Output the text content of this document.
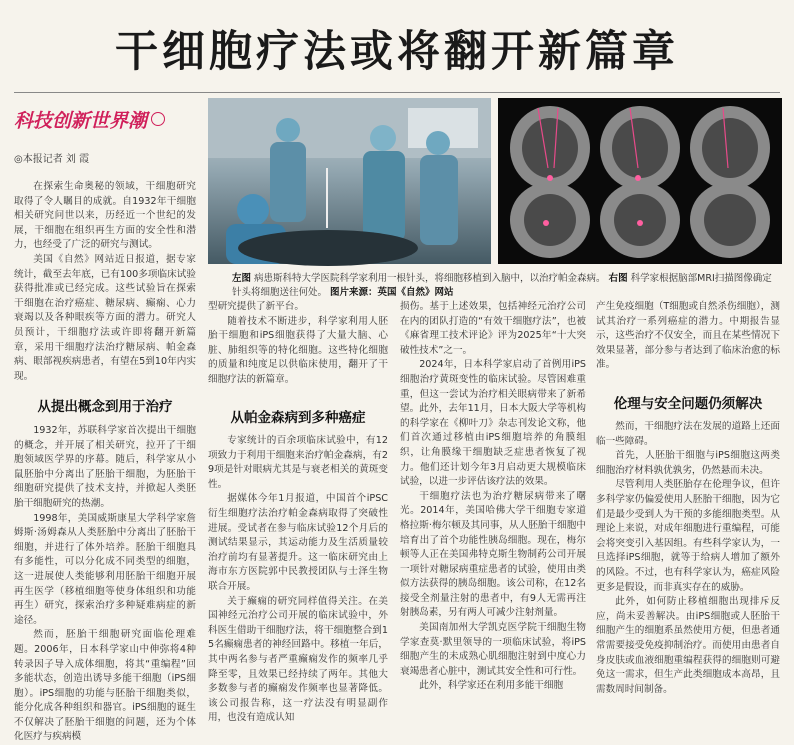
干细胞疗法或将翻开新篇章
科技创新世界潮
◎本报记者 刘 霞
左图 病患斯科特大学医院科学家利用一根针头，将细胞移植到入脑中，以治疗帕金森病。 右图 科学家根据脑部MRI扫描图像确定针头将细胞送往何处。 图片来源：英国《自然》网站

在探索生命奥秘的领域，干细胞研究取得了令人瞩目的成就。自1932年干细胞相关研究问世以来，历经近一个世纪的发展，干细胞在组织再生方面的安全性和潜力，也经受了广泛的研究与测试。

美国《自然》网站近日报道，据专家统计，截至去年底，已有100多项临床试验获得批准或已经完成。这些试验旨在探索干细胞在治疗癌症、糖尿病、癫痫、心力衰竭以及各种眼疾等方面的潜力。研究人员预计，干细胞疗法或许即将翻开新篇章，采用干细胞疗法治疗糖尿病、帕金森病、眼部视疾病患者，有望在5到10年内实现。

从提出概念到用于治疗

1932年，苏联科学家首次提出干细胞的概念，并开展了相关研究，拉开了干细胞领域医学界的序幕。随后，科学家从小鼠胚胎中分离出了胚胎干细胞，为胚胎干细胞研究提供了技术支持，并掀起人类胚胎干细胞研究的热潮。

1998年，美国威斯康星大学科学家詹姆斯·汤姆森从人类胚胎中分离出了胚胎干细胞，并进行了体外培养。胚胎干细胞具有多能性，可以分化成不同类型的细胞，这一进展使人类能够利用胚胎干细胞开展再生医学（移植细胞等使身体组织和功能再生）研究，探索治疗多种疑难病症的新途径。

然而，胚胎干细胞研究面临伦理难题。2006年，日本科学家山中伸弥将4种转录因子导入成体细胞，将其“重编程”回多能状态，创造出诱导多能干细胞（iPS细胞）。iPS细胞的功能与胚胎干细胞类似，能分化成各种组织和器官。iPS细胞的诞生不仅解决了胚胎干细胞的问题，还为个体化医疗与疾病模

型研究提供了新平台。

随着技术不断进步，科学家利用人胚胎干细胞和iPS细胞获得了大量大脑、心脏、肺组织等的特化细胞。这些特化细胞的质量和纯度足以供临床使用，翻开了干细胞疗法的新篇章。

从帕金森病到多种癌症

专家统计的百余项临床试验中，有12项致力于利用干细胞来治疗帕金森病，有29项是针对眼病尤其是与衰老相关的黄斑变性。

据媒体今年1月报道，中国首个iPSC衍生细胞疗法治疗帕金森病取得了突破性进展。受试者在参与临床试验12个月后的测试结果显示，其运动能力及生活质量较治疗前均有显著提升。这一临床研究由上海市东方医院郭中民教授团队与士泽生物联合开展。

关于癫痫的研究同样值得关注。在美国神经元治疗公司开展的临床试验中，外科医生借助干细胞疗法，将干细胞整合到15名癫痫患者的神经回路中。移植一年后，其中两名参与者严重癫痫发作的频率几乎降至零，且效果已经持续了两年。其他大多数参与者的癫痫发作频率也显著降低。该公司报告称，这一疗法没有明显副作用，也没有造成认知

损伤。基于上述效果，包括神经元治疗公司在内的团队打造的“有效干细胞疗法”，也被《麻省理工技术评论》评为2025年“十大突破性技术”之一。

2024年，日本科学家启动了首例用iPS细胞治疗黄斑变性的临床试验。尽管困难重重，但这一尝试为治疗相关眼病带来了新希望。此外，去年11月，日本大阪大学等机构的科学家在《柳叶刀》杂志刊发论文称，他们首次通过移植由iPS细胞培养的角膜组织，让角膜缘干细胞缺乏症患者恢复了视力。他们还计划今年3月启动更大规模临床试验，以进一步评估该疗法的效果。

干细胞疗法也为治疗糖尿病带来了曙光。2014年，美国哈佛大学干细胞专家道格拉斯·梅尔顿及其同事，从人胚胎干细胞中培育出了首个功能性胰岛细胞。现在，梅尔顿等人正在美国弗特克斯生物制药公司开展一项针对糖尿病重症患者的试验，使用由类似方法获得的胰岛细胞。该公司称，在12名接受全剂量注射的患者中，有9人无需再注射胰岛素，另有两人可减少注射剂量。

美国南加州大学凯克医学院干细胞生物学家查莫·默里领导的一项临床试验，将iPS细胞产生的未成熟心肌细胞注射到中度心力衰竭患者心脏中，测试其安全性和可行性。

此外，科学家还在利用多能干细胞

产生免疫细胞（T细胞或自然杀伤细胞），测试其治疗一系列癌症的潜力。中期报告显示，这些治疗不仅安全，而且在某些情况下效果显著，部分参与者达到了临床治愈的标准。

伦理与安全问题仍须解决

然而，干细胞疗法在发展的道路上还面临一些障碍。

首先，人胚胎干细胞与iPS细胞这两类细胞治疗材料孰优孰劣，仍然悬而未决。

尽管利用人类胚胎存在伦理争议，但许多科学家仍偏爱使用人胚胎干细胞，因为它们是最少受到人为干预的多能细胞类型。从理论上来说，对成年细胞进行重编程，可能会将突变引入基因组。有些科学家认为，一旦选择iPS细胞，就等于给病人增加了额外的风险。不过，也有科学家认为，癌症风险更多是假设，而非真实存在的威胁。

此外，如何防止移植细胞出现排斥反应，尚未妥善解决。由iPS细胞或人胚胎干细胞产生的细胞系虽然使用方便，但患者通常需要接受免疫抑制治疗。而使用由患者自身皮肤或血液细胞重编程获得的细胞则可避免这一需求，但生产此类细胞成本高昂，且需数周时间制备。
